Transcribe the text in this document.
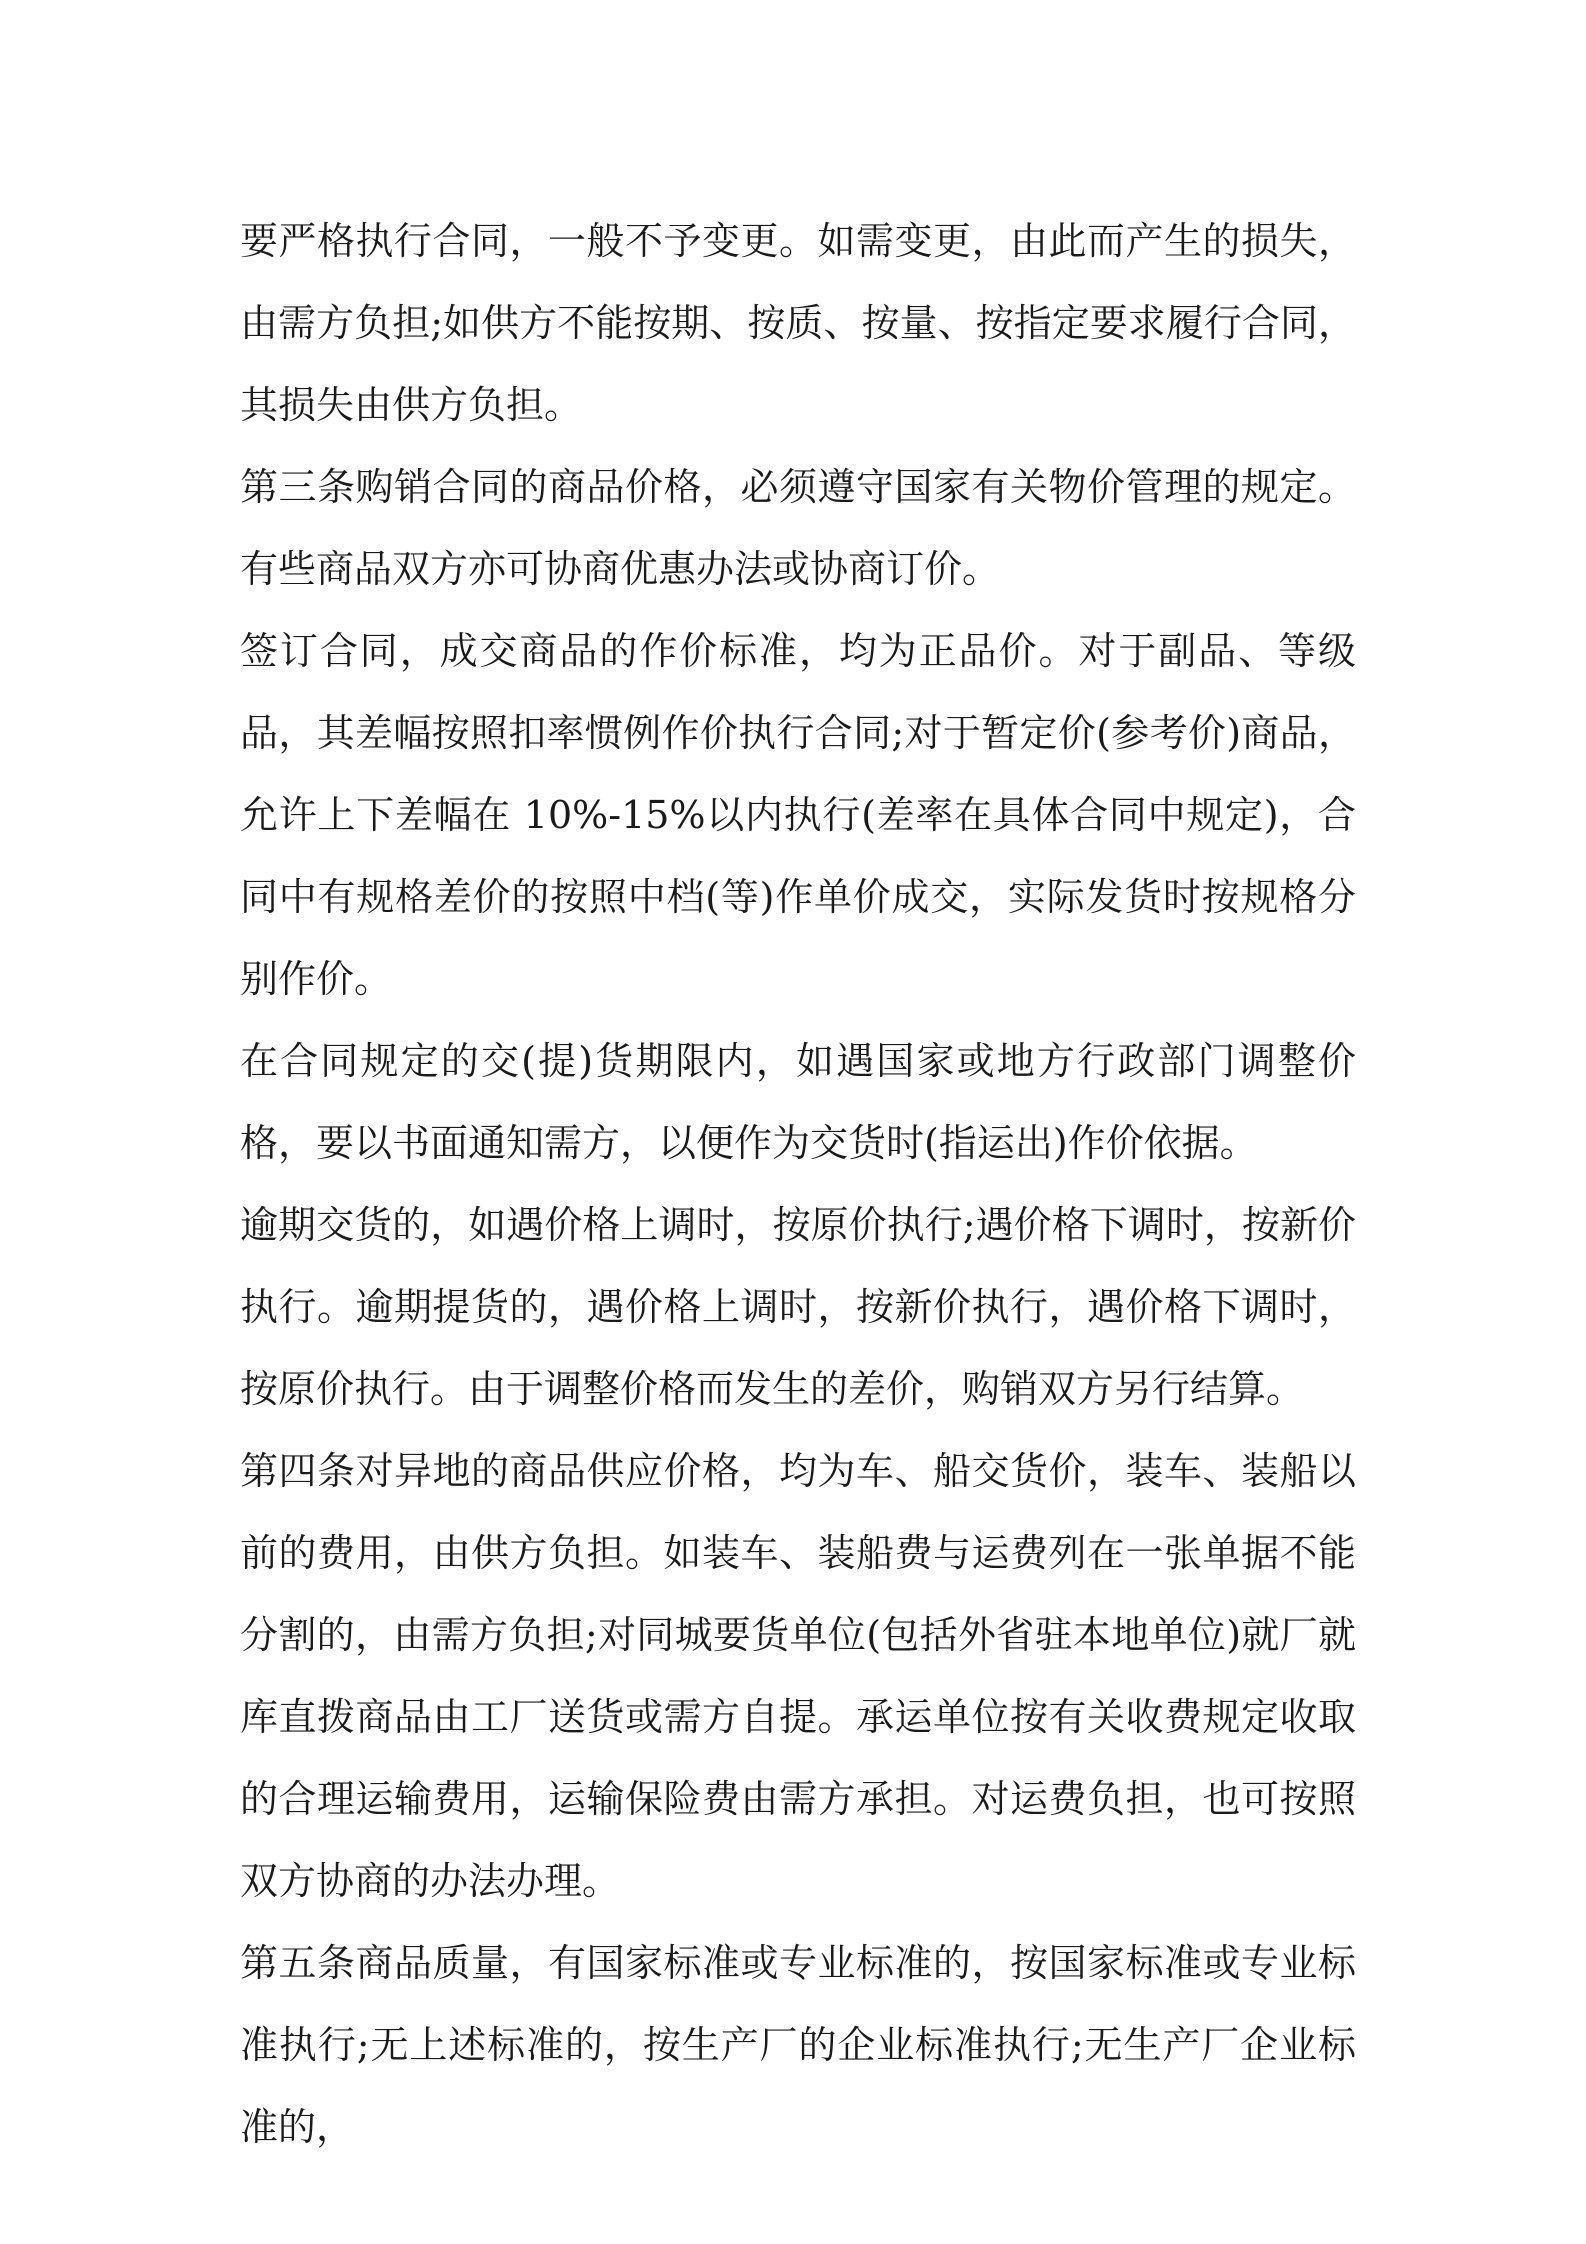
要严格执行合同，一般不予变更。如需变更，由此而产生的损失，由需方负担;如供方不能按期、按质、按量、按指定要求履行合同，其损失由供方负担。

第三条购销合同的商品价格，必须遵守国家有关物价管理的规定。有些商品双方亦可协商优惠办法或协商订价。

签订合同，成交商品的作价标准，均为正品价。对于副品、等级品，其差幅按照扣率惯例作价执行合同;对于暂定价(参考价)商品，允许上下差幅在 10%-15%以内执行(差率在具体合同中规定)，合同中有规格差价的按照中档(等)作单价成交，实际发货时按规格分别作价。

在合同规定的交(提)货期限内，如遇国家或地方行政部门调整价格，要以书面通知需方，以便作为交货时(指运出)作价依据。

逾期交货的，如遇价格上调时，按原价执行;遇价格下调时，按新价执行。逾期提货的，遇价格上调时，按新价执行，遇价格下调时，按原价执行。由于调整价格而发生的差价，购销双方另行结算。

第四条对异地的商品供应价格，均为车、船交货价，装车、装船以前的费用，由供方负担。如装车、装船费与运费列在一张单据不能分割的，由需方负担;对同城要货单位(包括外省驻本地单位)就厂就库直拨商品由工厂送货或需方自提。承运单位按有关收费规定收取的合理运输费用，运输保险费由需方承担。对运费负担，也可按照双方协商的办法办理。

第五条商品质量，有国家标准或专业标准的，按国家标准或专业标准执行;无上述标准的，按生产厂的企业标准执行;无生产厂企业标准的，
